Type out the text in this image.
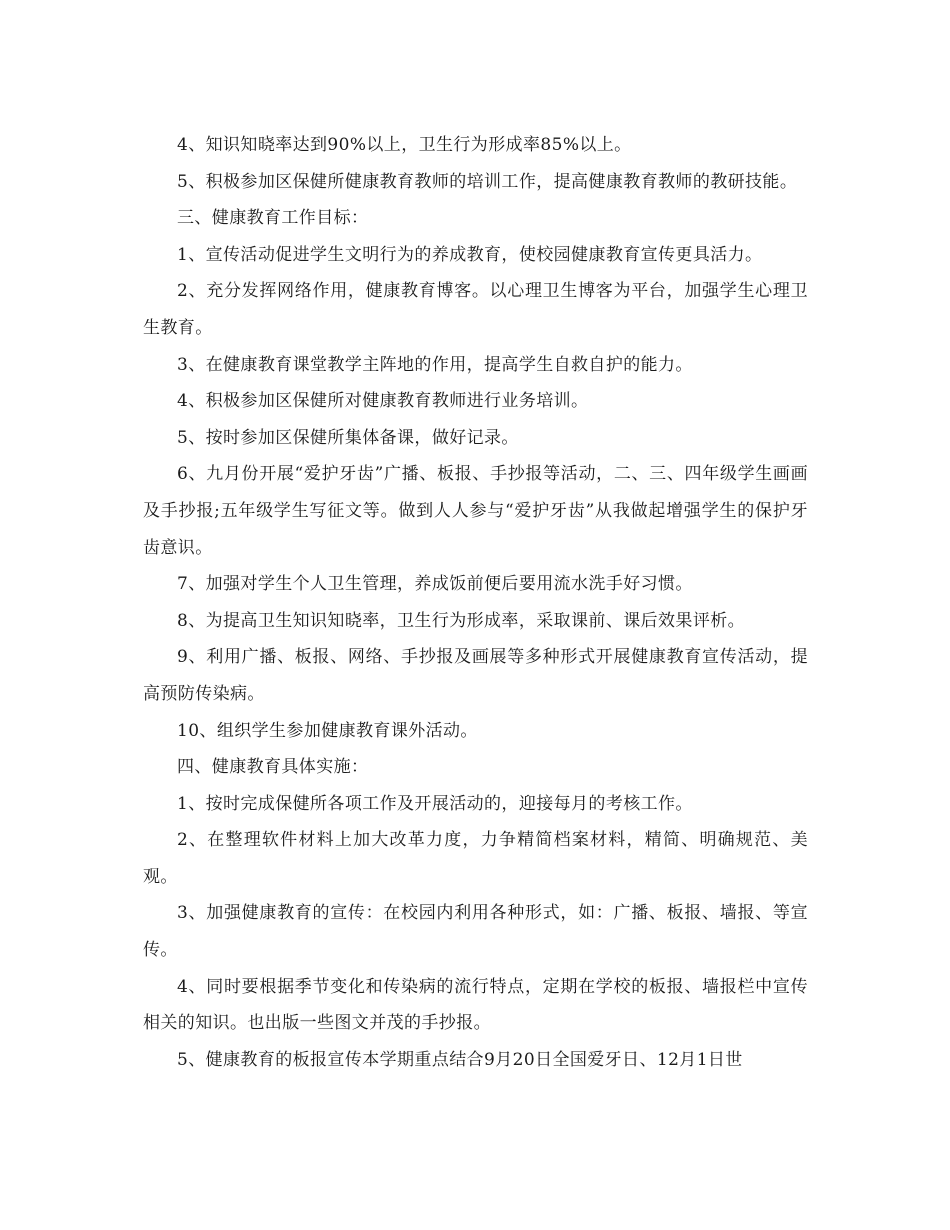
4、知识知晓率达到90%以上，卫生行为形成率85%以上。

5、积极参加区保健所健康教育教师的培训工作，提高健康教育教师的教研技能。

三、健康教育工作目标：

1、宣传活动促进学生文明行为的养成教育，使校园健康教育宣传更具活力。

2、充分发挥网络作用，健康教育博客。以心理卫生博客为平台，加强学生心理卫生教育。

3、在健康教育课堂教学主阵地的作用，提高学生自救自护的能力。

4、积极参加区保健所对健康教育教师进行业务培训。

5、按时参加区保健所集体备课，做好记录。

6、九月份开展“爱护牙齿”广播、板报、手抄报等活动，二、三、四年级学生画画及手抄报;五年级学生写征文等。做到人人参与“爱护牙齿”从我做起增强学生的保护牙齿意识。

7、加强对学生个人卫生管理，养成饭前便后要用流水洗手好习惯。

8、为提高卫生知识知晓率，卫生行为形成率，采取课前、课后效果评析。

9、利用广播、板报、网络、手抄报及画展等多种形式开展健康教育宣传活动，提高预防传染病。

10、组织学生参加健康教育课外活动。

四、健康教育具体实施：

1、按时完成保健所各项工作及开展活动的，迎接每月的考核工作。

2、在整理软件材料上加大改革力度，力争精简档案材料，精简、明确规范、美观。

3、加强健康教育的宣传：在校园内利用各种形式，如：广播、板报、墙报、等宣传。

4、同时要根据季节变化和传染病的流行特点，定期在学校的板报、墙报栏中宣传相关的知识。也出版一些图文并茂的手抄报。

5、健康教育的板报宣传本学期重点结合9月20日全国爱牙日、12月1日世
